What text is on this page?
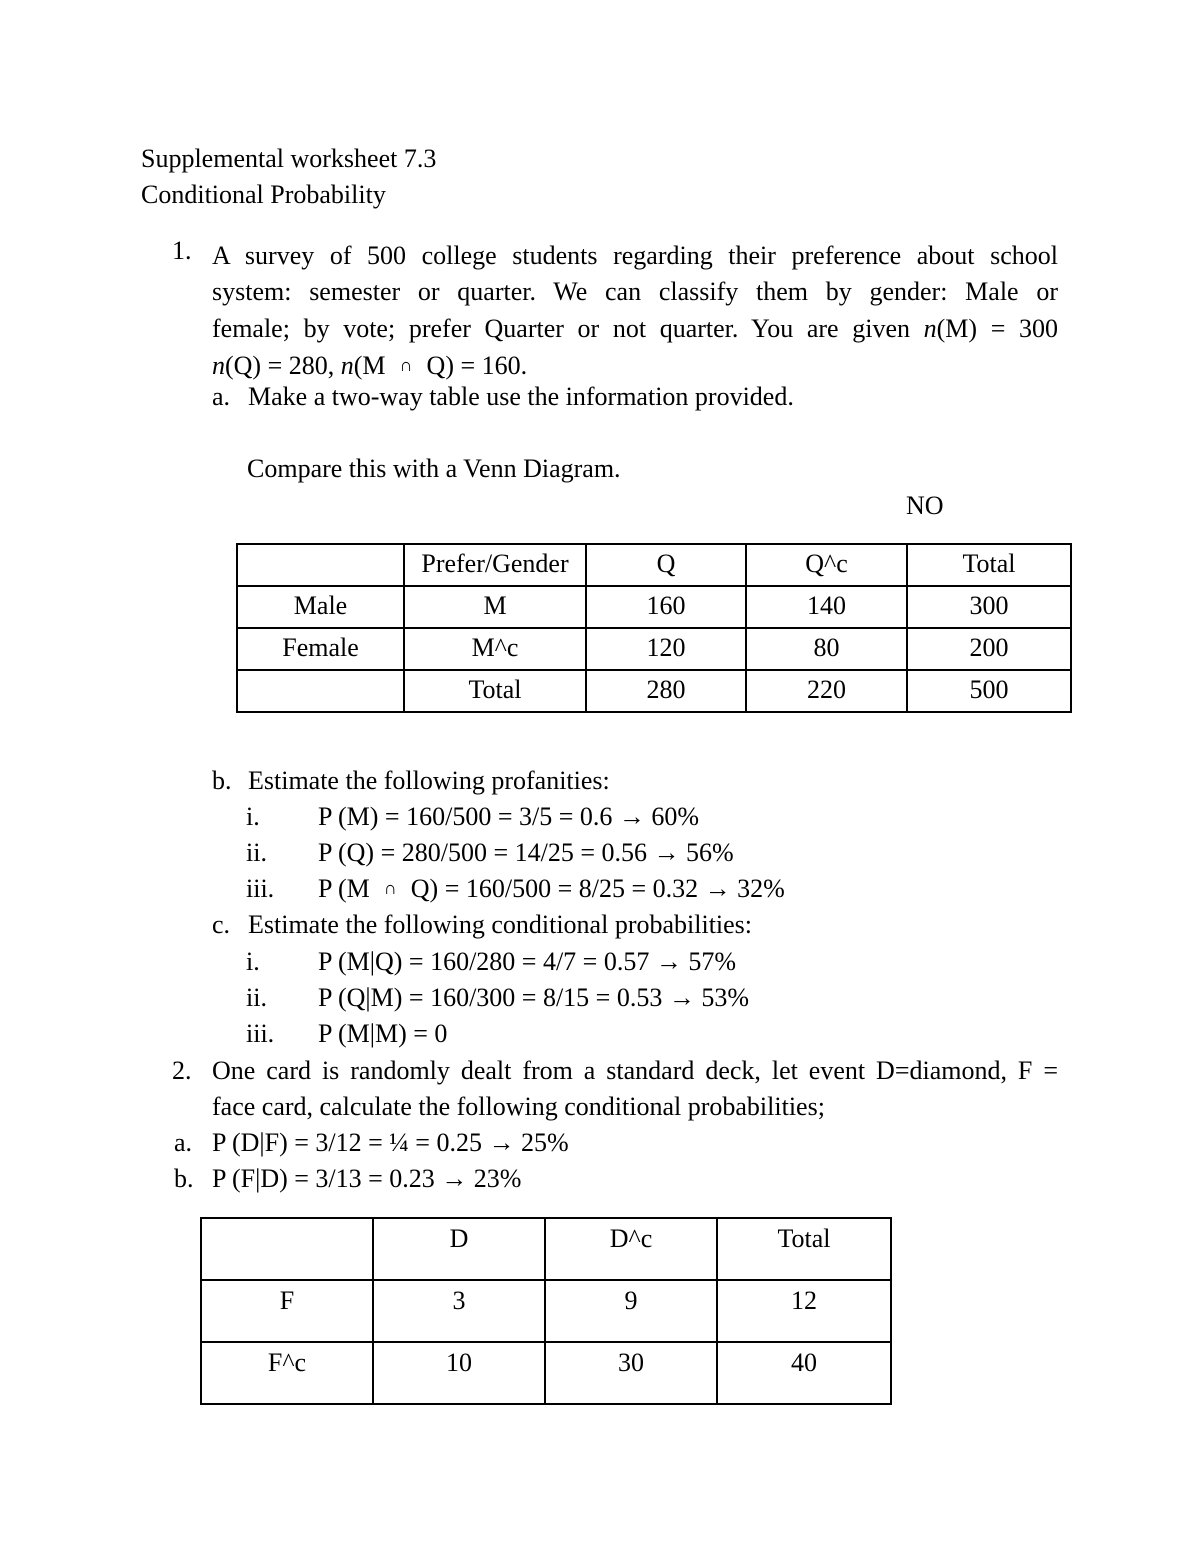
Supplemental worksheet 7.3
Conditional Probability
1. A survey of 500 college students regarding their preference about school
system: semester or quarter. We can classify them by gender: Male or
female; by vote; prefer Quarter or not quarter. You are given n(M) = 300
n(Q) = 280, n(M ∩ Q) = 160.
a. Make a two-way table use the information provided.
Compare this with a Venn Diagram.
NO
	Prefer/Gender	Q	Q^c	Total
Male	M	160	140	300
Female	M^c	120	80	200
	Total	280	220	500
b. Estimate the following profanities:
i. P (M) = 160/500 = 3/5 = 0.6 → 60%
ii. P (Q) = 280/500 = 14/25 = 0.56 → 56%
iii. P (M ∩ Q) = 160/500 = 8/25 = 0.32 → 32%
c. Estimate the following conditional probabilities:
i. P (M|Q) = 160/280 = 4/7 = 0.57 → 57%
ii. P (Q|M) = 160/300 = 8/15 = 0.53 → 53%
iii. P (M|M) = 0
2. One card is randomly dealt from a standard deck, let event D=diamond, F =
face card, calculate the following conditional probabilities;
a. P (D|F) = 3/12 = ¼ = 0.25 → 25%
b. P (F|D) = 3/13 = 0.23 → 23%
	D	D^c	Total
F	3	9	12
F^c	10	30	40
